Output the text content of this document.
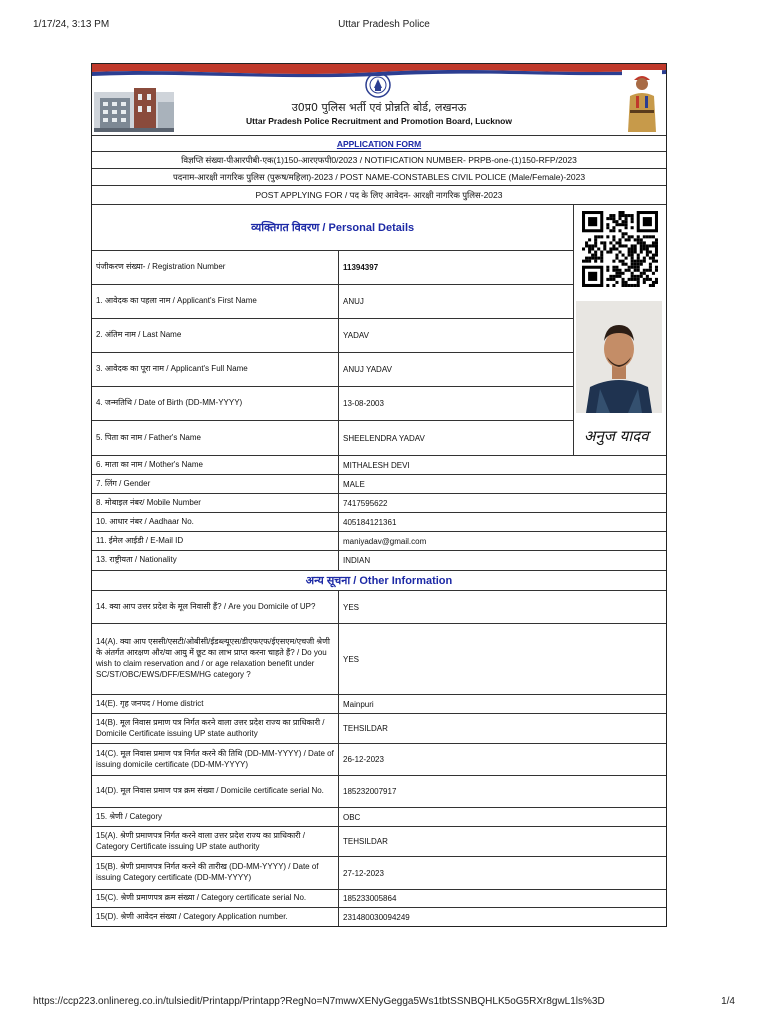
1/17/24, 3:13 PM	Uttar Pradesh Police
उ0प्र0 पुलिस भर्ती एवं प्रोन्नति बोर्ड, लखनऊ
Uttar Pradesh Police Recruitment and Promotion Board, Lucknow
APPLICATION FORM
विज्ञप्ति संख्या-पीआरपीबी-एक(1)150-आरएफपी0/2023 / NOTIFICATION NUMBER- PRPB-one-(1)150-RFP/2023
पदनाम-आरक्षी नागरिक पुलिस (पुरूष/महिला)-2023 / POST NAME-CONSTABLES CIVIL POLICE (Male/Female)-2023
POST APPLYING FOR / पद के लिए आवेदन- आरक्षी नागरिक पुलिस-2023
व्यक्तिगत विवरण / Personal Details
पंजीकरण संख्या- / Registration Number	11394397
1. आवेदक का पहला नाम / Applicant's First Name	ANUJ
2. अंतिम नाम / Last Name	YADAV
3. आवेदक का पूरा नाम / Applicant's Full Name	ANUJ YADAV
4. जन्मतिथि / Date of Birth (DD-MM-YYYY)	13-08-2003
5. पिता का नाम / Father's Name	SHEELENDRA YADAV	अनुज यादव
6. माता का नाम / Mother's Name	MITHALESH DEVI
7. लिंग / Gender	MALE
8. मोबाइल नंबर/ Mobile Number	7417595622
10. आधार नंबर / Aadhaar No.	405184121361
11. ईमेल आईडी / E-Mail ID	maniyadav@gmail.com
13. राष्ट्रीयता / Nationality	INDIAN
अन्य सूचना / Other Information
14. क्या आप उत्तर प्रदेश के मूल निवासी हैं? / Are you Domicile of UP?	YES
14(A). क्या आप एससी/एसटी/ओबीसी/ईडब्ल्यूएस/डीएफएफ/ईएसएम/एचजी श्रेणी के अंतर्गत आरक्षण और/या आयु में छूट का लाभ प्राप्त करना चाहते हैं? / Do you wish to claim reservation and / or age relaxation benefit under SC/ST/OBC/EWS/DFF/ESM/HG category ?
YES
14(E). गृह जनपद / Home district	Mainpuri
14(B). मूल निवास प्रमाण पत्र निर्गत करने वाला उत्तर प्रदेश राज्य का प्राधिकारी / Domicile Certificate issuing UP state authority	TEHSILDAR
14(C). मूल निवास प्रमाण पत्र निर्गत करने की तिथि (DD-MM-YYYY) / Date of issuing domicile certificate (DD-MM-YYYY)	26-12-2023
14(D). मूल निवास प्रमाण पत्र क्रम संख्या / Domicile certificate serial No.	185232007917
15. श्रेणी / Category	OBC
15(A). श्रेणी प्रमाणपत्र निर्गत करने वाला उत्तर प्रदेश राज्य का प्राधिकारी / Category Certificate issuing UP state authority	TEHSILDAR
15(B). श्रेणी प्रमाणपत्र निर्गत करने की तारीख (DD-MM-YYYY) / Date of issuing Category certificate (DD-MM-YYYY)	27-12-2023
15(C). श्रेणी प्रमाणपत्र क्रम संख्या / Category certificate serial No.	185233005864
15(D). श्रेणी आवेदन संख्या / Category Application number.	231480030094249
https://ccp223.onlinereg.co.in/tulsiedit/Printapp/Printapp?RegNo=N7mwwXENyGegga5Ws1tbtSSNBQHLK5oG5RXr8gwL1ls%3D	1/4
